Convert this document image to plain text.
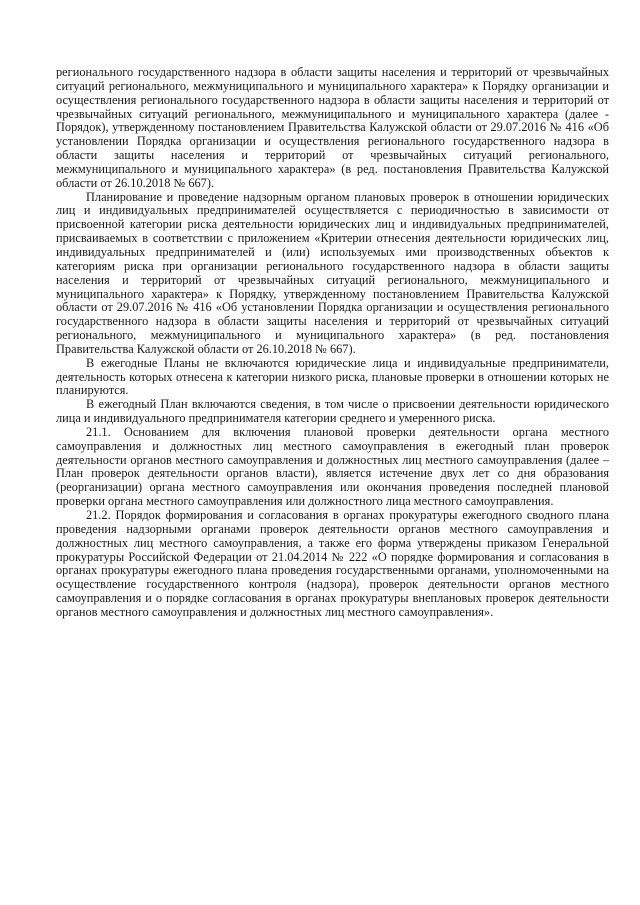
регионального государственного надзора в области защиты населения и территорий от чрезвычайных ситуаций регионального, межмуниципального и муниципального характера» к Порядку организации и осуществления регионального государственного надзора в области защиты населения и территорий от чрезвычайных ситуаций регионального, межмуниципального и муниципального характера (далее - Порядок), утвержденному постановлением Правительства Калужской области от 29.07.2016 № 416 «Об установлении Порядка организации и осуществления регионального государственного надзора в области защиты населения и территорий от чрезвычайных ситуаций регионального, межмуниципального и муниципального характера» (в ред. постановления Правительства Калужской области от 26.10.2018 № 667).

Планирование и проведение надзорным органом плановых проверок в отношении юридических лиц и индивидуальных предпринимателей осуществляется с периодичностью в зависимости от присвоенной категории риска деятельности юридических лиц и индивидуальных предпринимателей, присваиваемых в соответствии с приложением «Критерии отнесения деятельности юридических лиц, индивидуальных предпринимателей и (или) используемых ими производственных объектов к категориям риска при организации регионального государственного надзора в области защиты населения и территорий от чрезвычайных ситуаций регионального, межмуниципального и муниципального характера» к Порядку, утвержденному постановлением Правительства Калужской области от 29.07.2016 № 416 «Об установлении Порядка организации и осуществления регионального государственного надзора в области защиты населения и территорий от чрезвычайных ситуаций регионального, межмуниципального и муниципального характера» (в ред. постановления Правительства Калужской области от 26.10.2018 № 667).

В ежегодные Планы не включаются юридические лица и индивидуальные предприниматели, деятельность которых отнесена к категории низкого риска, плановые проверки в отношении которых не планируются.

В ежегодный План включаются сведения, в том числе о присвоении деятельности юридического лица и индивидуального предпринимателя категории среднего и умеренного риска.

21.1. Основанием для включения плановой проверки деятельности органа местного самоуправления и должностных лиц местного самоуправления в ежегодный план проверок деятельности органов местного самоуправления и должностных лиц местного самоуправления (далее – План проверок деятельности органов власти), является истечение двух лет со дня образования (реорганизации) органа местного самоуправления или окончания проведения последней плановой проверки органа местного самоуправления или должностного лица местного самоуправления.

21.2. Порядок формирования и согласования в органах прокуратуры ежегодного сводного плана проведения надзорными органами проверок деятельности органов местного самоуправления и должностных лиц местного самоуправления, а также его форма утверждены приказом Генеральной прокуратуры Российской Федерации от 21.04.2014 № 222 «О порядке формирования и согласования в органах прокуратуры ежегодного плана проведения государственными органами, уполномоченными на осуществление государственного контроля (надзора), проверок деятельности органов местного самоуправления и о порядке согласования в органах прокуратуры внеплановых проверок деятельности органов местного самоуправления и должностных лиц местного самоуправления».
